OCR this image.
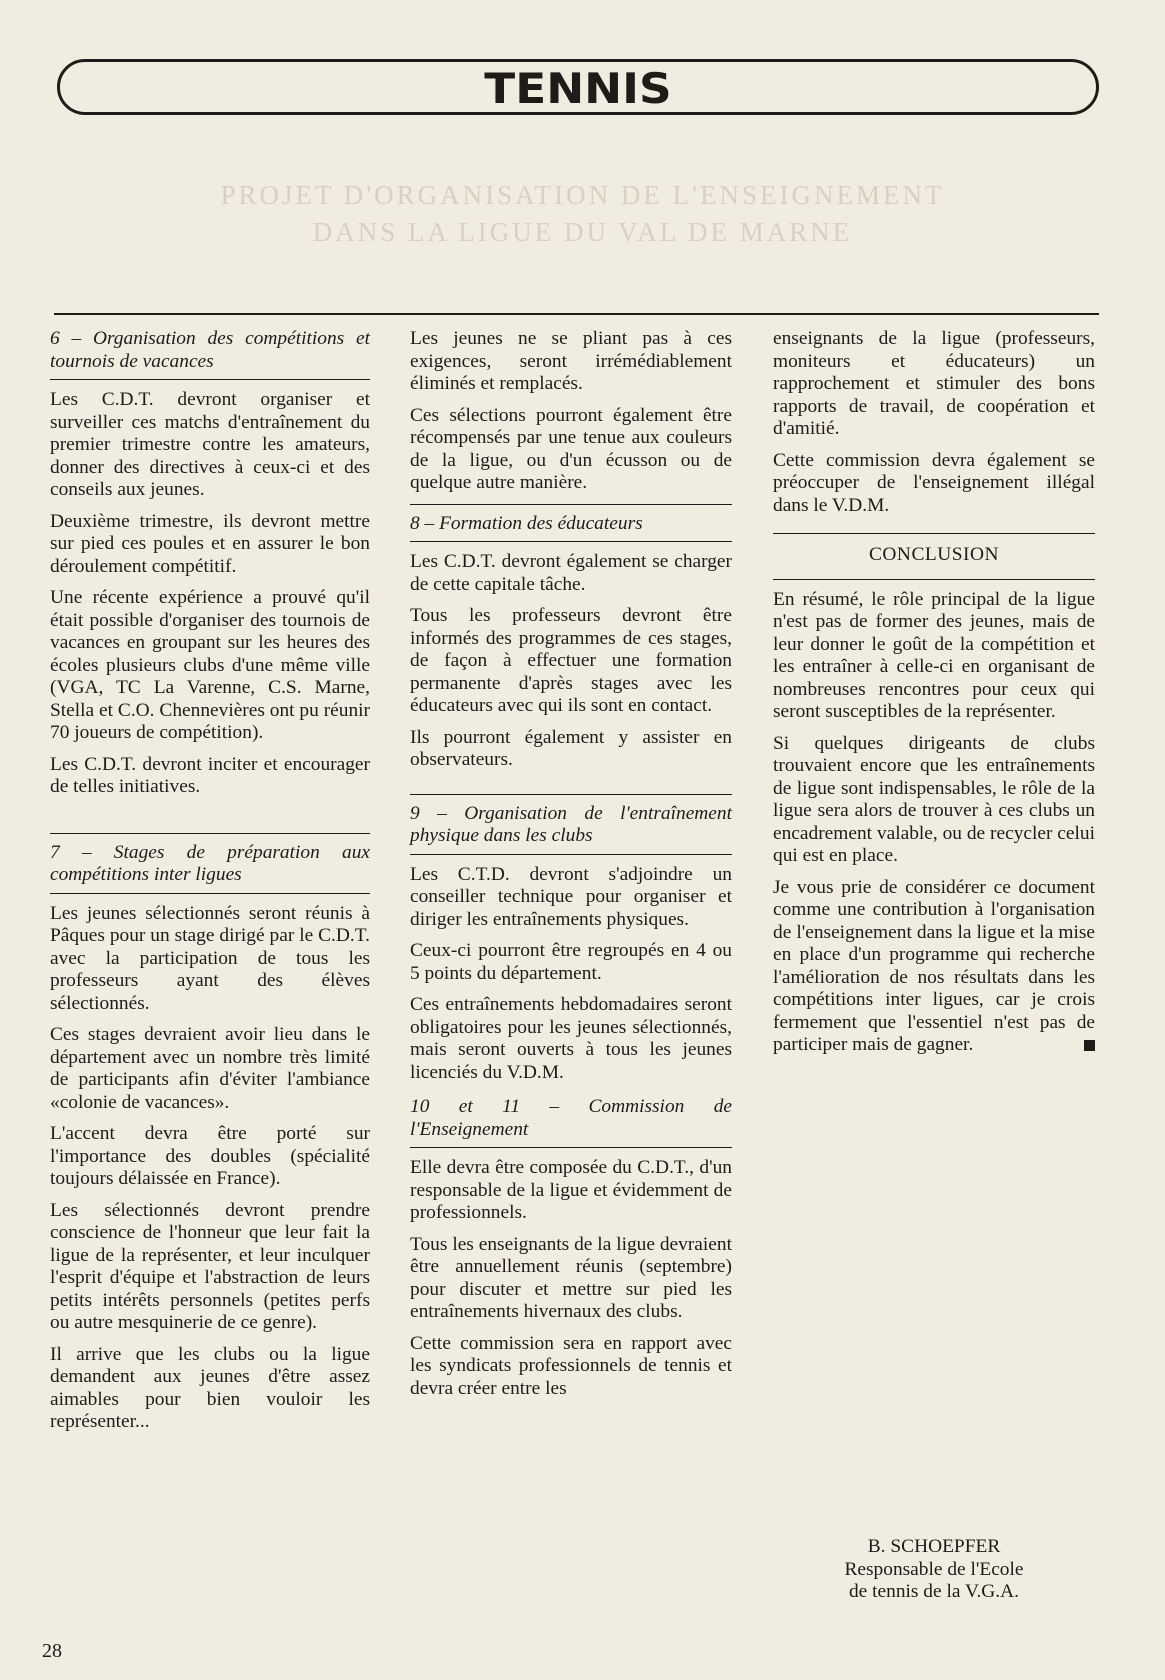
TENNIS
PROJET D'ORGANISATION DE L'ENSEIGNEMENT
DANS LA LIGUE DU VAL DE MARNE

6 – Organisation des compétitions et tournois de vacances

Les C.D.T. devront organiser et surveiller ces matchs d'entraînement du premier trimestre contre les amateurs, donner des directives à ceux-ci et des conseils aux jeunes.

Deuxième trimestre, ils devront mettre sur pied ces poules et en assurer le bon déroulement compétitif.

Une récente expérience a prouvé qu'il était possible d'organiser des tournois de vacances en groupant sur les heures des écoles plusieurs clubs d'une même ville (VGA, TC La Varenne, C.S. Marne, Stella et C.O. Chennevières ont pu réunir 70 joueurs de compétition).

Les C.D.T. devront inciter et encourager de telles initiatives.

7 – Stages de préparation aux compétitions inter ligues

Les jeunes sélectionnés seront réunis à Pâques pour un stage dirigé par le C.D.T. avec la participation de tous les professeurs ayant des élèves sélectionnés.

Ces stages devraient avoir lieu dans le département avec un nombre très limité de participants afin d'éviter l'ambiance «colonie de vacances».

L'accent devra être porté sur l'importance des doubles (spécialité toujours délaissée en France).

Les sélectionnés devront prendre conscience de l'honneur que leur fait la ligue de la représenter, et leur inculquer l'esprit d'équipe et l'abstraction de leurs petits intérêts personnels (petites perfs ou autre mesquinerie de ce genre).

Il arrive que les clubs ou la ligue demandent aux jeunes d'être assez aimables pour bien vouloir les représenter...

Les jeunes ne se pliant pas à ces exigences, seront irrémédiablement éliminés et remplacés.

Ces sélections pourront également être récompensés par une tenue aux couleurs de la ligue, ou d'un écusson ou de quelque autre manière.

8 – Formation des éducateurs

Les C.D.T. devront également se charger de cette capitale tâche.

Tous les professeurs devront être informés des programmes de ces stages, de façon à effectuer une formation permanente d'après stages avec les éducateurs avec qui ils sont en contact.

Ils pourront également y assister en observateurs.

9 – Organisation de l'entraînement physique dans les clubs

Les C.T.D. devront s'adjoindre un conseiller technique pour organiser et diriger les entraînements physiques.

Ceux-ci pourront être regroupés en 4 ou 5 points du département.

Ces entraînements hebdomadaires seront obligatoires pour les jeunes sélectionnés, mais seront ouverts à tous les jeunes licenciés du V.D.M.

10 et 11 – Commission de l'Enseignement

Elle devra être composée du C.D.T., d'un responsable de la ligue et évidemment de professionnels.

Tous les enseignants de la ligue devraient être annuellement réunis (septembre) pour discuter et mettre sur pied les entraînements hivernaux des clubs.

Cette commission sera en rapport avec les syndicats professionnels de tennis et devra créer entre les

enseignants de la ligue (professeurs, moniteurs et éducateurs) un rapprochement et stimuler des bons rapports de travail, de coopération et d'amitié.

Cette commission devra également se préoccuper de l'enseignement illégal dans le V.D.M.

CONCLUSION

En résumé, le rôle principal de la ligue n'est pas de former des jeunes, mais de leur donner le goût de la compétition et les entraîner à celle-ci en organisant de nombreuses rencontres pour ceux qui seront susceptibles de la représenter.

Si quelques dirigeants de clubs trouvaient encore que les entraînements de ligue sont indispensables, le rôle de la ligue sera alors de trouver à ces clubs un encadrement valable, ou de recycler celui qui est en place.

Je vous prie de considérer ce document comme une contribution à l'organisation de l'enseignement dans la ligue et la mise en place d'un programme qui recherche l'amélioration de nos résultats dans les compétitions inter ligues, car je crois fermement que l'essentiel n'est pas de participer mais de gagner.

B. SCHOEPFER
Responsable de l'Ecole
de tennis de la V.G.A.
28
